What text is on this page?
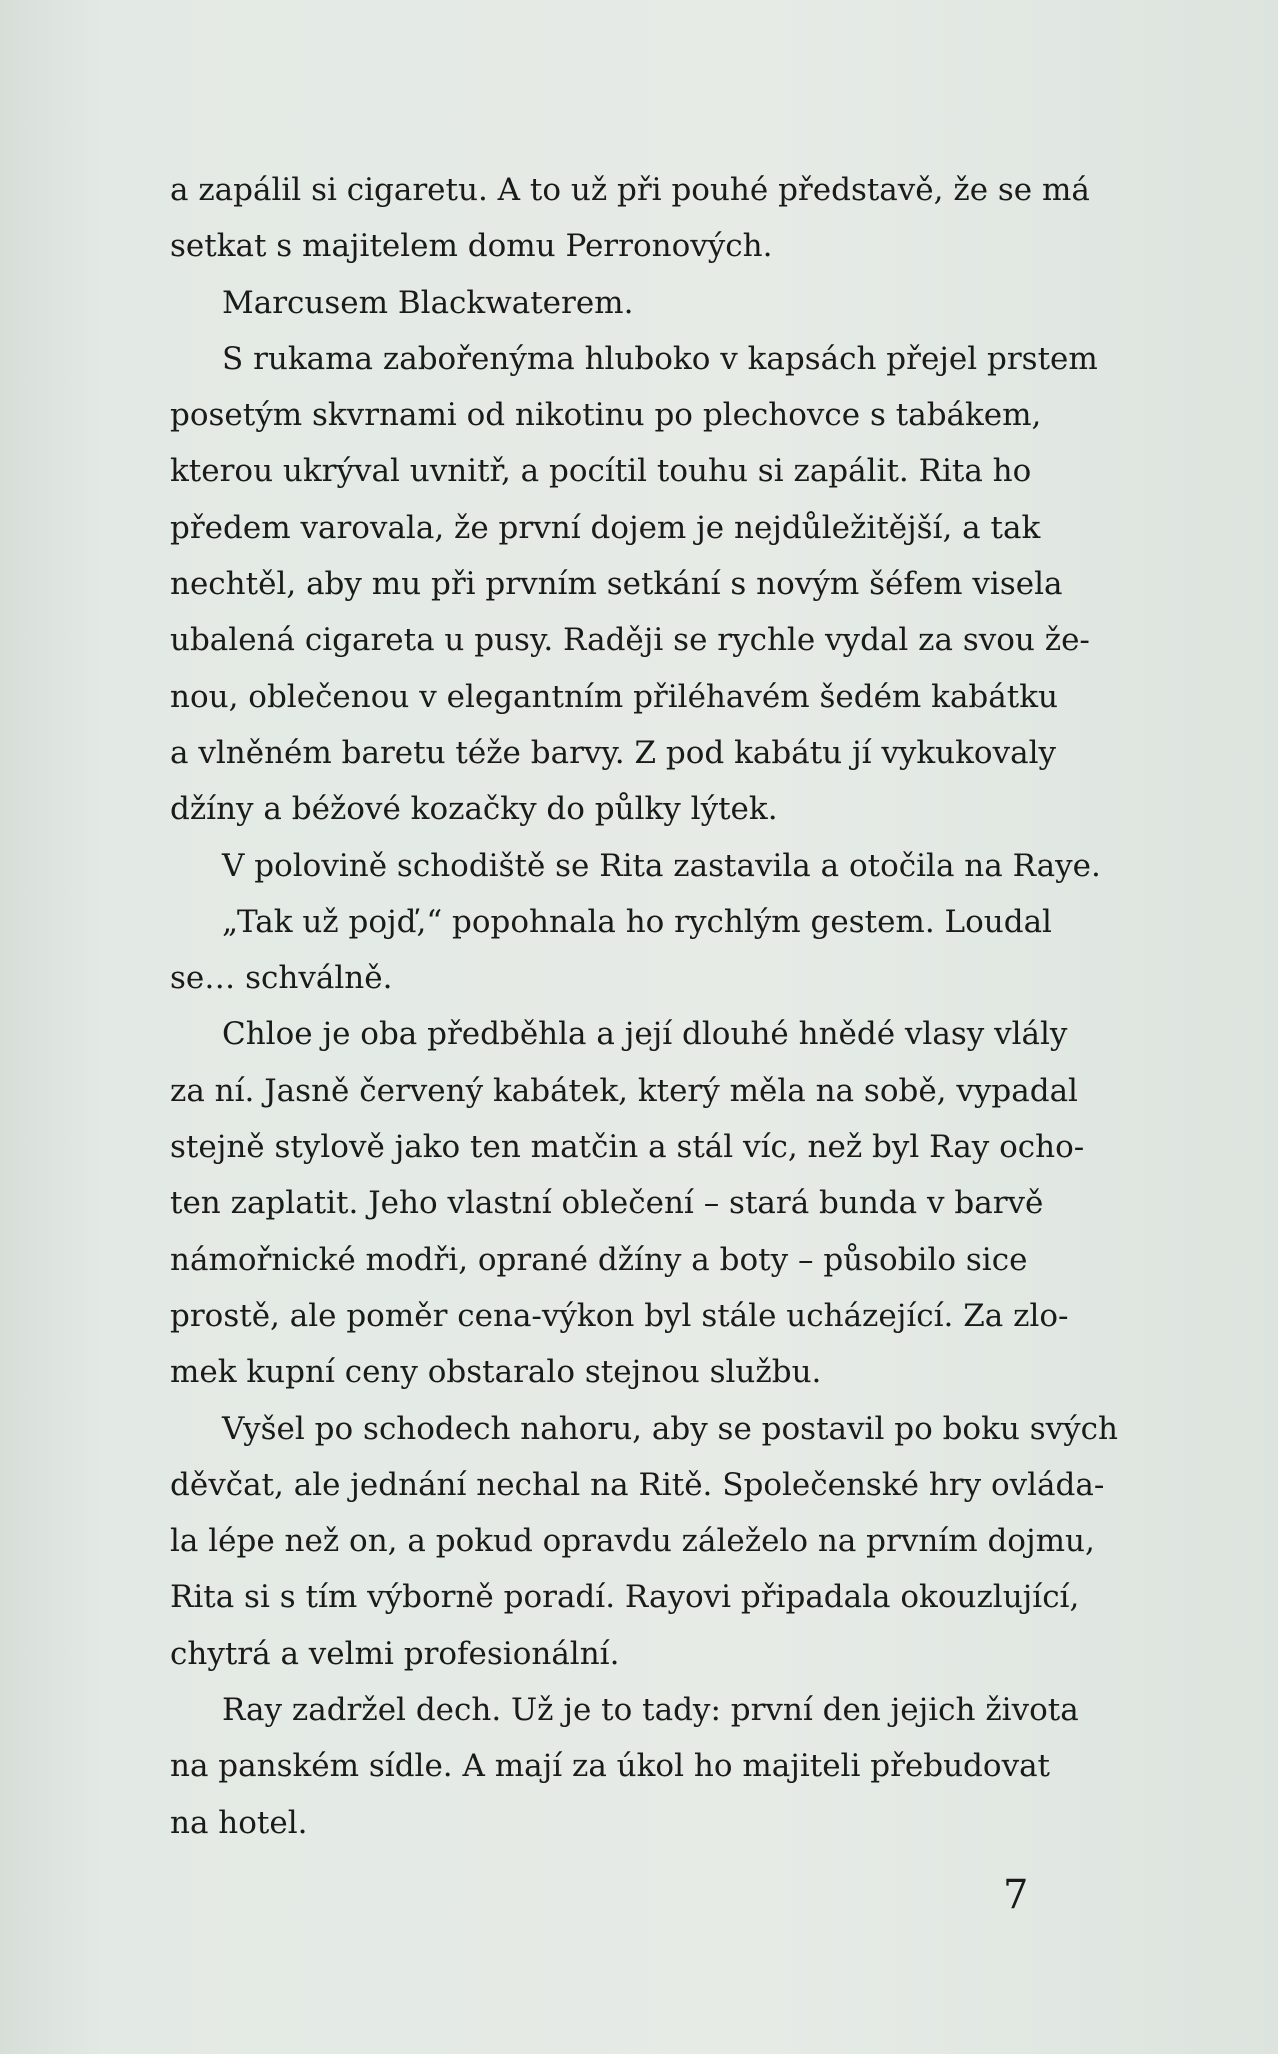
a zapálil si cigaretu. A to už při pouhé představě, že se má
setkat s majitelem domu Perronových.
Marcusem Blackwaterem.
S rukama zabořenýma hluboko v kapsách přejel prstem
posetým skvrnami od nikotinu po plechovce s tabákem,
kterou ukrýval uvnitř, a pocítil touhu si zapálit. Rita ho
předem varovala, že první dojem je nejdůležitější, a tak
nechtěl, aby mu při prvním setkání s novým šéfem visela
ubalená cigareta u pusy. Raději se rychle vydal za svou že-
nou, oblečenou v elegantním přiléhavém šedém kabátku
a vlněném baretu téže barvy. Z pod kabátu jí vykukovaly
džíny a béžové kozačky do půlky lýtek.
V polovině schodiště se Rita zastavila a otočila na Raye.
„Tak už pojď,“ popohnala ho rychlým gestem. Loudal
se… schválně.
Chloe je oba předběhla a její dlouhé hnědé vlasy vlály
za ní. Jasně červený kabátek, který měla na sobě, vypadal
stejně stylově jako ten matčin a stál víc, než byl Ray ocho-
ten zaplatit. Jeho vlastní oblečení – stará bunda v barvě
námořnické modři, oprané džíny a boty – působilo sice
prostě, ale poměr cena-výkon byl stále ucházející. Za zlo-
mek kupní ceny obstaralo stejnou službu.
Vyšel po schodech nahoru, aby se postavil po boku svých
děvčat, ale jednání nechal na Ritě. Společenské hry ovláda-
la lépe než on, a pokud opravdu záleželo na prvním dojmu,
Rita si s tím výborně poradí. Rayovi připadala okouzlující,
chytrá a velmi profesionální.
Ray zadržel dech. Už je to tady: první den jejich života
na panském sídle. A mají za úkol ho majiteli přebudovat
na hotel.
7
